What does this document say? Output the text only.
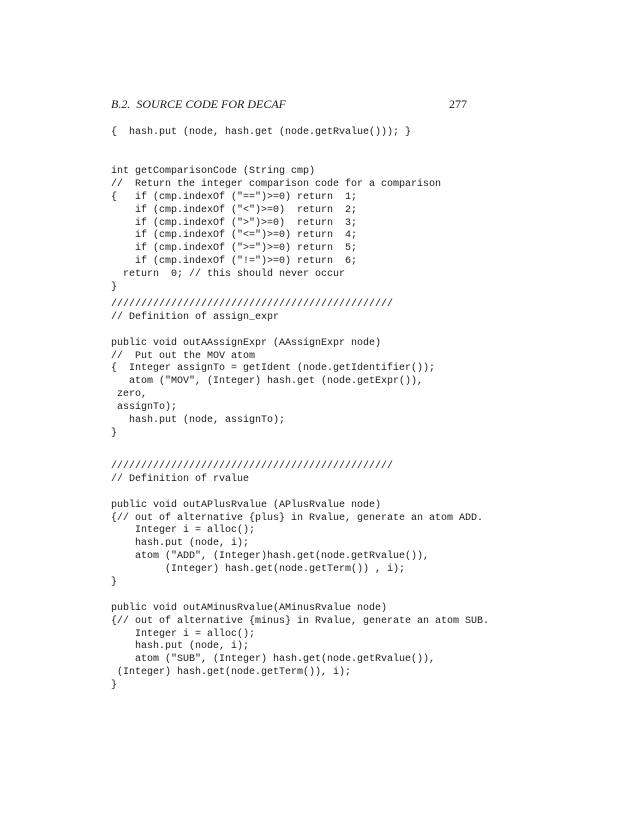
B.2.  SOURCE CODE FOR DECAF	277
{  hash.put (node, hash.get (node.getRvalue())); }
int getComparisonCode (String cmp)
//  Return the integer comparison code for a comparison
{   if (cmp.indexOf ("==")>=0) return  1;
if (cmp.indexOf ("<")>=0)  return  2;
if (cmp.indexOf (">")>=0)  return  3;
if (cmp.indexOf ("<=")>=0) return  4;
if (cmp.indexOf (">=")>=0) return  5;
if (cmp.indexOf ("!=")>=0) return  6;
return  0; // this should never occur
}
///////////////////////////////////////////////
// Definition of assign_expr

public void outAAssignExpr (AAssignExpr node)
//  Put out the MOV atom
{  Integer assignTo = getIdent (node.getIdentifier());
atom ("MOV", (Integer) hash.get (node.getExpr()),
zero,
assignTo);
hash.put (node, assignTo);
}
///////////////////////////////////////////////
// Definition of rvalue

public void outAPlusRvalue (APlusRvalue node)
{// out of alternative {plus} in Rvalue, generate an atom ADD.
Integer i = alloc();
hash.put (node, i);
atom ("ADD", (Integer)hash.get(node.getRvalue()),
(Integer) hash.get(node.getTerm()) , i);
}

public void outAMinusRvalue(AMinusRvalue node)
{// out of alternative {minus} in Rvalue, generate an atom SUB.
Integer i = alloc();
hash.put (node, i);
atom ("SUB", (Integer) hash.get(node.getRvalue()),
(Integer) hash.get(node.getTerm()), i);
}
